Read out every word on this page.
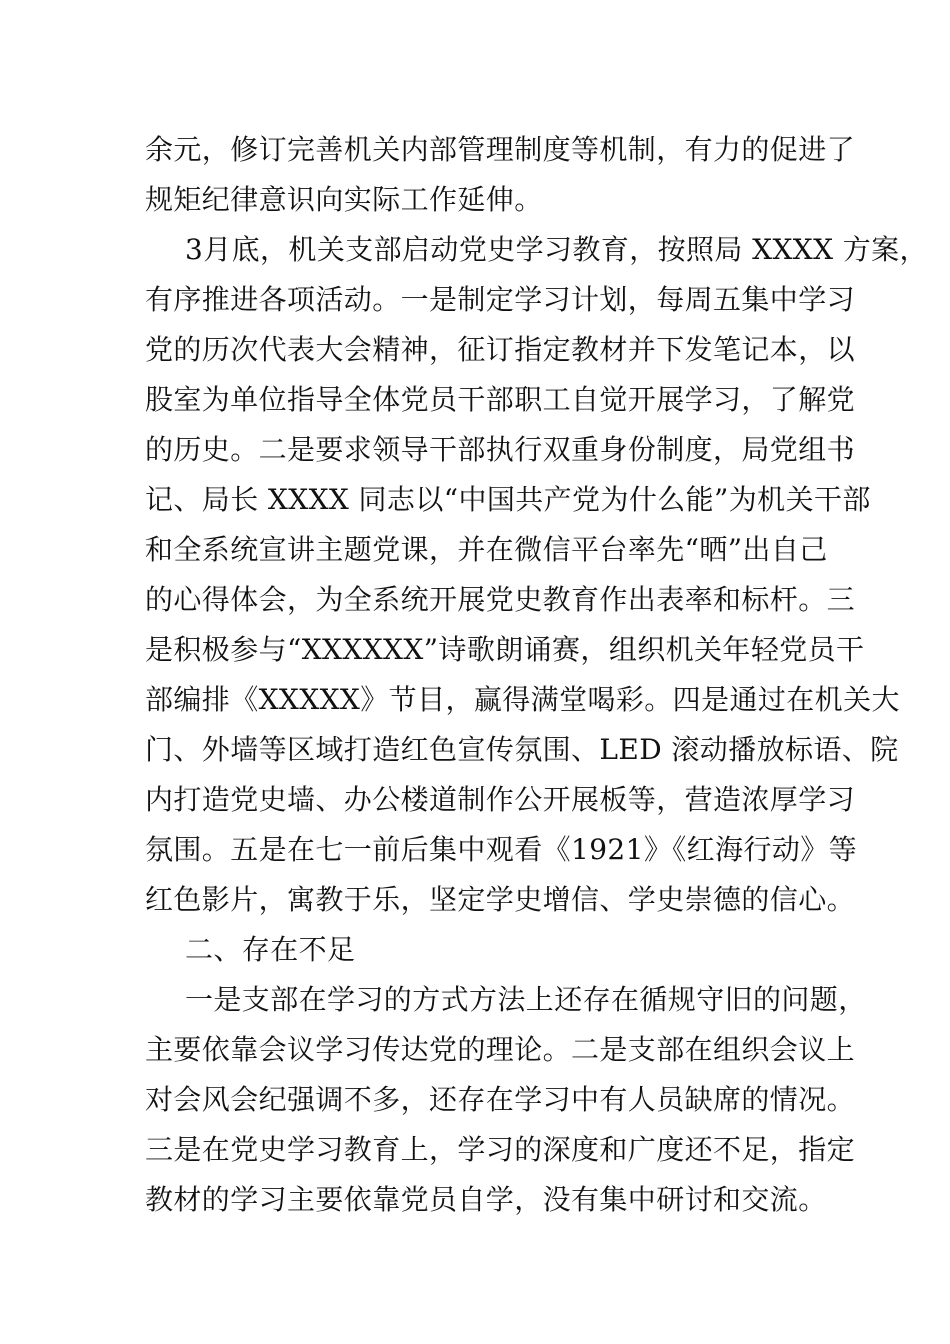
余元，修订完善机关内部管理制度等机制，有力的促进了
规矩纪律意识向实际工作延伸。
3月底，机关支部启动党史学习教育，按照局 XXXX 方案，
有序推进各项活动。一是制定学习计划，每周五集中学习
党的历次代表大会精神，征订指定教材并下发笔记本，以
股室为单位指导全体党员干部职工自觉开展学习，了解党
的历史。二是要求领导干部执行双重身份制度，局党组书
记、局长 XXXX 同志以“中国共产党为什么能”为机关干部
和全系统宣讲主题党课，并在微信平台率先“晒”出自己
的心得体会，为全系统开展党史教育作出表率和标杆。三
是积极参与“XXXXXX”诗歌朗诵赛，组织机关年轻党员干
部编排《XXXXX》节目，赢得满堂喝彩。四是通过在机关大
门、外墙等区域打造红色宣传氛围、LED 滚动播放标语、院
内打造党史墙、办公楼道制作公开展板等，营造浓厚学习
氛围。五是在七一前后集中观看《1921》《红海行动》等
红色影片，寓教于乐，坚定学史增信、学史崇德的信心。
二、存在不足
一是支部在学习的方式方法上还存在循规守旧的问题，
主要依靠会议学习传达党的理论。二是支部在组织会议上
对会风会纪强调不多，还存在学习中有人员缺席的情况。
三是在党史学习教育上，学习的深度和广度还不足，指定
教材的学习主要依靠党员自学，没有集中研讨和交流。
